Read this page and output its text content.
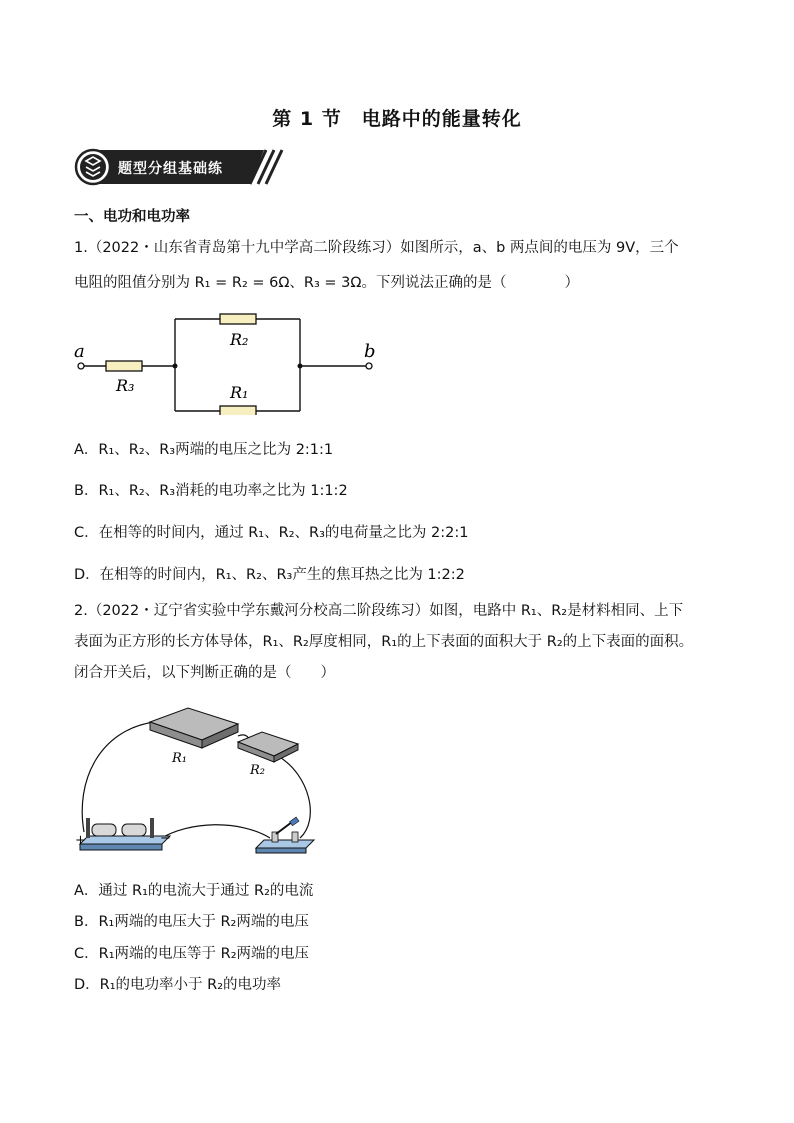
第 1 节　电路中的能量转化
题型分组基础练
一、电功和电功率
1.（2022・山东省青岛第十九中学高二阶段练习）如图所示，a、b 两点间的电压为 9V，三个
电阻的阻值分别为 R₁ = R₂ = 6Ω、R₃ = 3Ω。下列说法正确的是（　　　　）
a	b
R₃
R₂
R₁
A．R₁、R₂、R₃两端的电压之比为 2:1:1
B．R₁、R₂、R₃消耗的电功率之比为 1:1:2
C．在相等的时间内，通过 R₁、R₂、R₃的电荷量之比为 2:2:1
D．在相等的时间内，R₁、R₂、R₃产生的焦耳热之比为 1:2:2
2.（2022・辽宁省实验中学东戴河分校高二阶段练习）如图，电路中 R₁、R₂是材料相同、上下
表面为正方形的长方体导体，R₁、R₂厚度相同，R₁的上下表面的面积大于 R₂的上下表面的面积。
闭合开关后，以下判断正确的是（　　）
R₁
R₂
+	−
A．通过 R₁的电流大于通过 R₂的电流
B．R₁两端的电压大于 R₂两端的电压
C．R₁两端的电压等于 R₂两端的电压
D．R₁的电功率小于 R₂的电功率
